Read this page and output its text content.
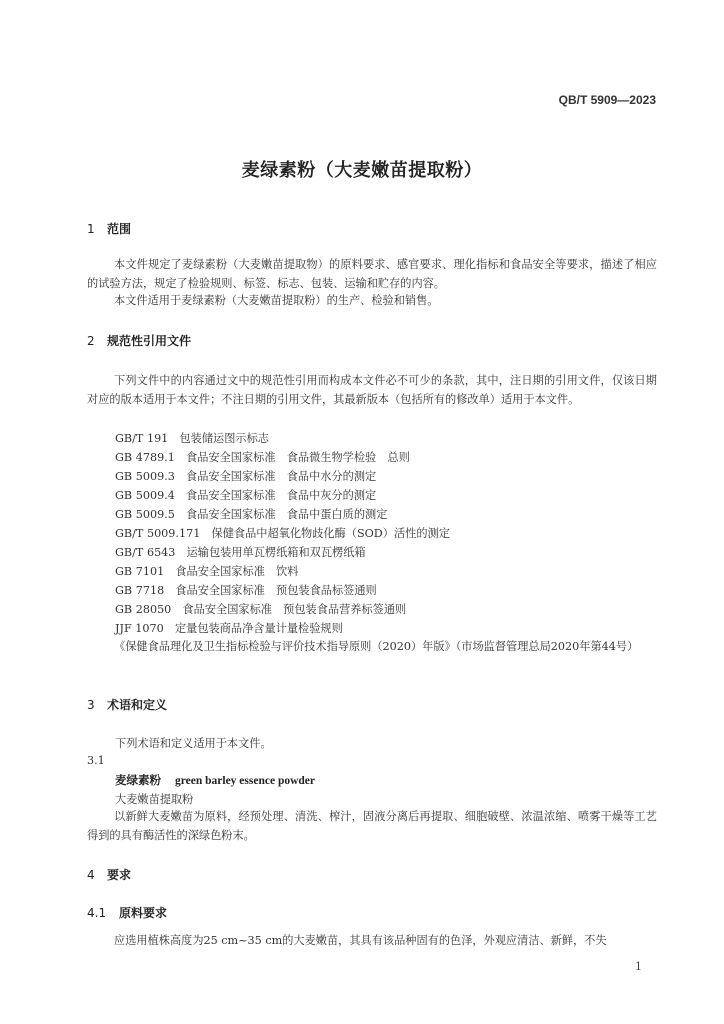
QB/T 5909—2023
麦绿素粉（大麦嫩苗提取粉）
1 范围
本文件规定了麦绿素粉（大麦嫩苗提取物）的原料要求、感官要求、理化指标和食品安全等要求，描述了相应的试验方法，规定了检验规则、标签、标志、包装、运输和贮存的内容。
本文件适用于麦绿素粉（大麦嫩苗提取粉）的生产、检验和销售。
2 规范性引用文件
下列文件中的内容通过文中的规范性引用而构成本文件必不可少的条款，其中，注日期的引用文件，仅该日期对应的版本适用于本文件；不注日期的引用文件，其最新版本（包括所有的修改单）适用于本文件。
GB/T 191　包装储运图示标志
GB 4789.1　食品安全国家标准　食品微生物学检验　总则
GB 5009.3　食品安全国家标准　食品中水分的测定
GB 5009.4　食品安全国家标准　食品中灰分的测定
GB 5009.5　食品安全国家标准　食品中蛋白质的测定
GB/T 5009.171　保健食品中超氧化物歧化酶（SOD）活性的测定
GB/T 6543　运输包装用单瓦楞纸箱和双瓦楞纸箱
GB 7101　食品安全国家标准　饮料
GB 7718　食品安全国家标准　预包装食品标签通则
GB 28050　食品安全国家标准　预包装食品营养标签通则
JJF 1070　定量包装商品净含量计量检验规则
《保健食品理化及卫生指标检验与评价技术指导原则（2020）年版》（市场监督管理总局2020年第44号）
3 术语和定义
下列术语和定义适用于本文件。
3.1
麦绿素粉 green barley essence powder
大麦嫩苗提取粉
以新鲜大麦嫩苗为原料，经预处理、清洗、榨汁，固液分离后再提取、细胞破壁、浓温浓缩、喷雾干燥等工艺得到的具有酶活性的深绿色粉末。
4 要求
4.1 原料要求
应选用植株高度为25 cm~35 cm的大麦嫩苗，其具有该品种固有的色泽，外观应清洁、新鲜，不失
1
